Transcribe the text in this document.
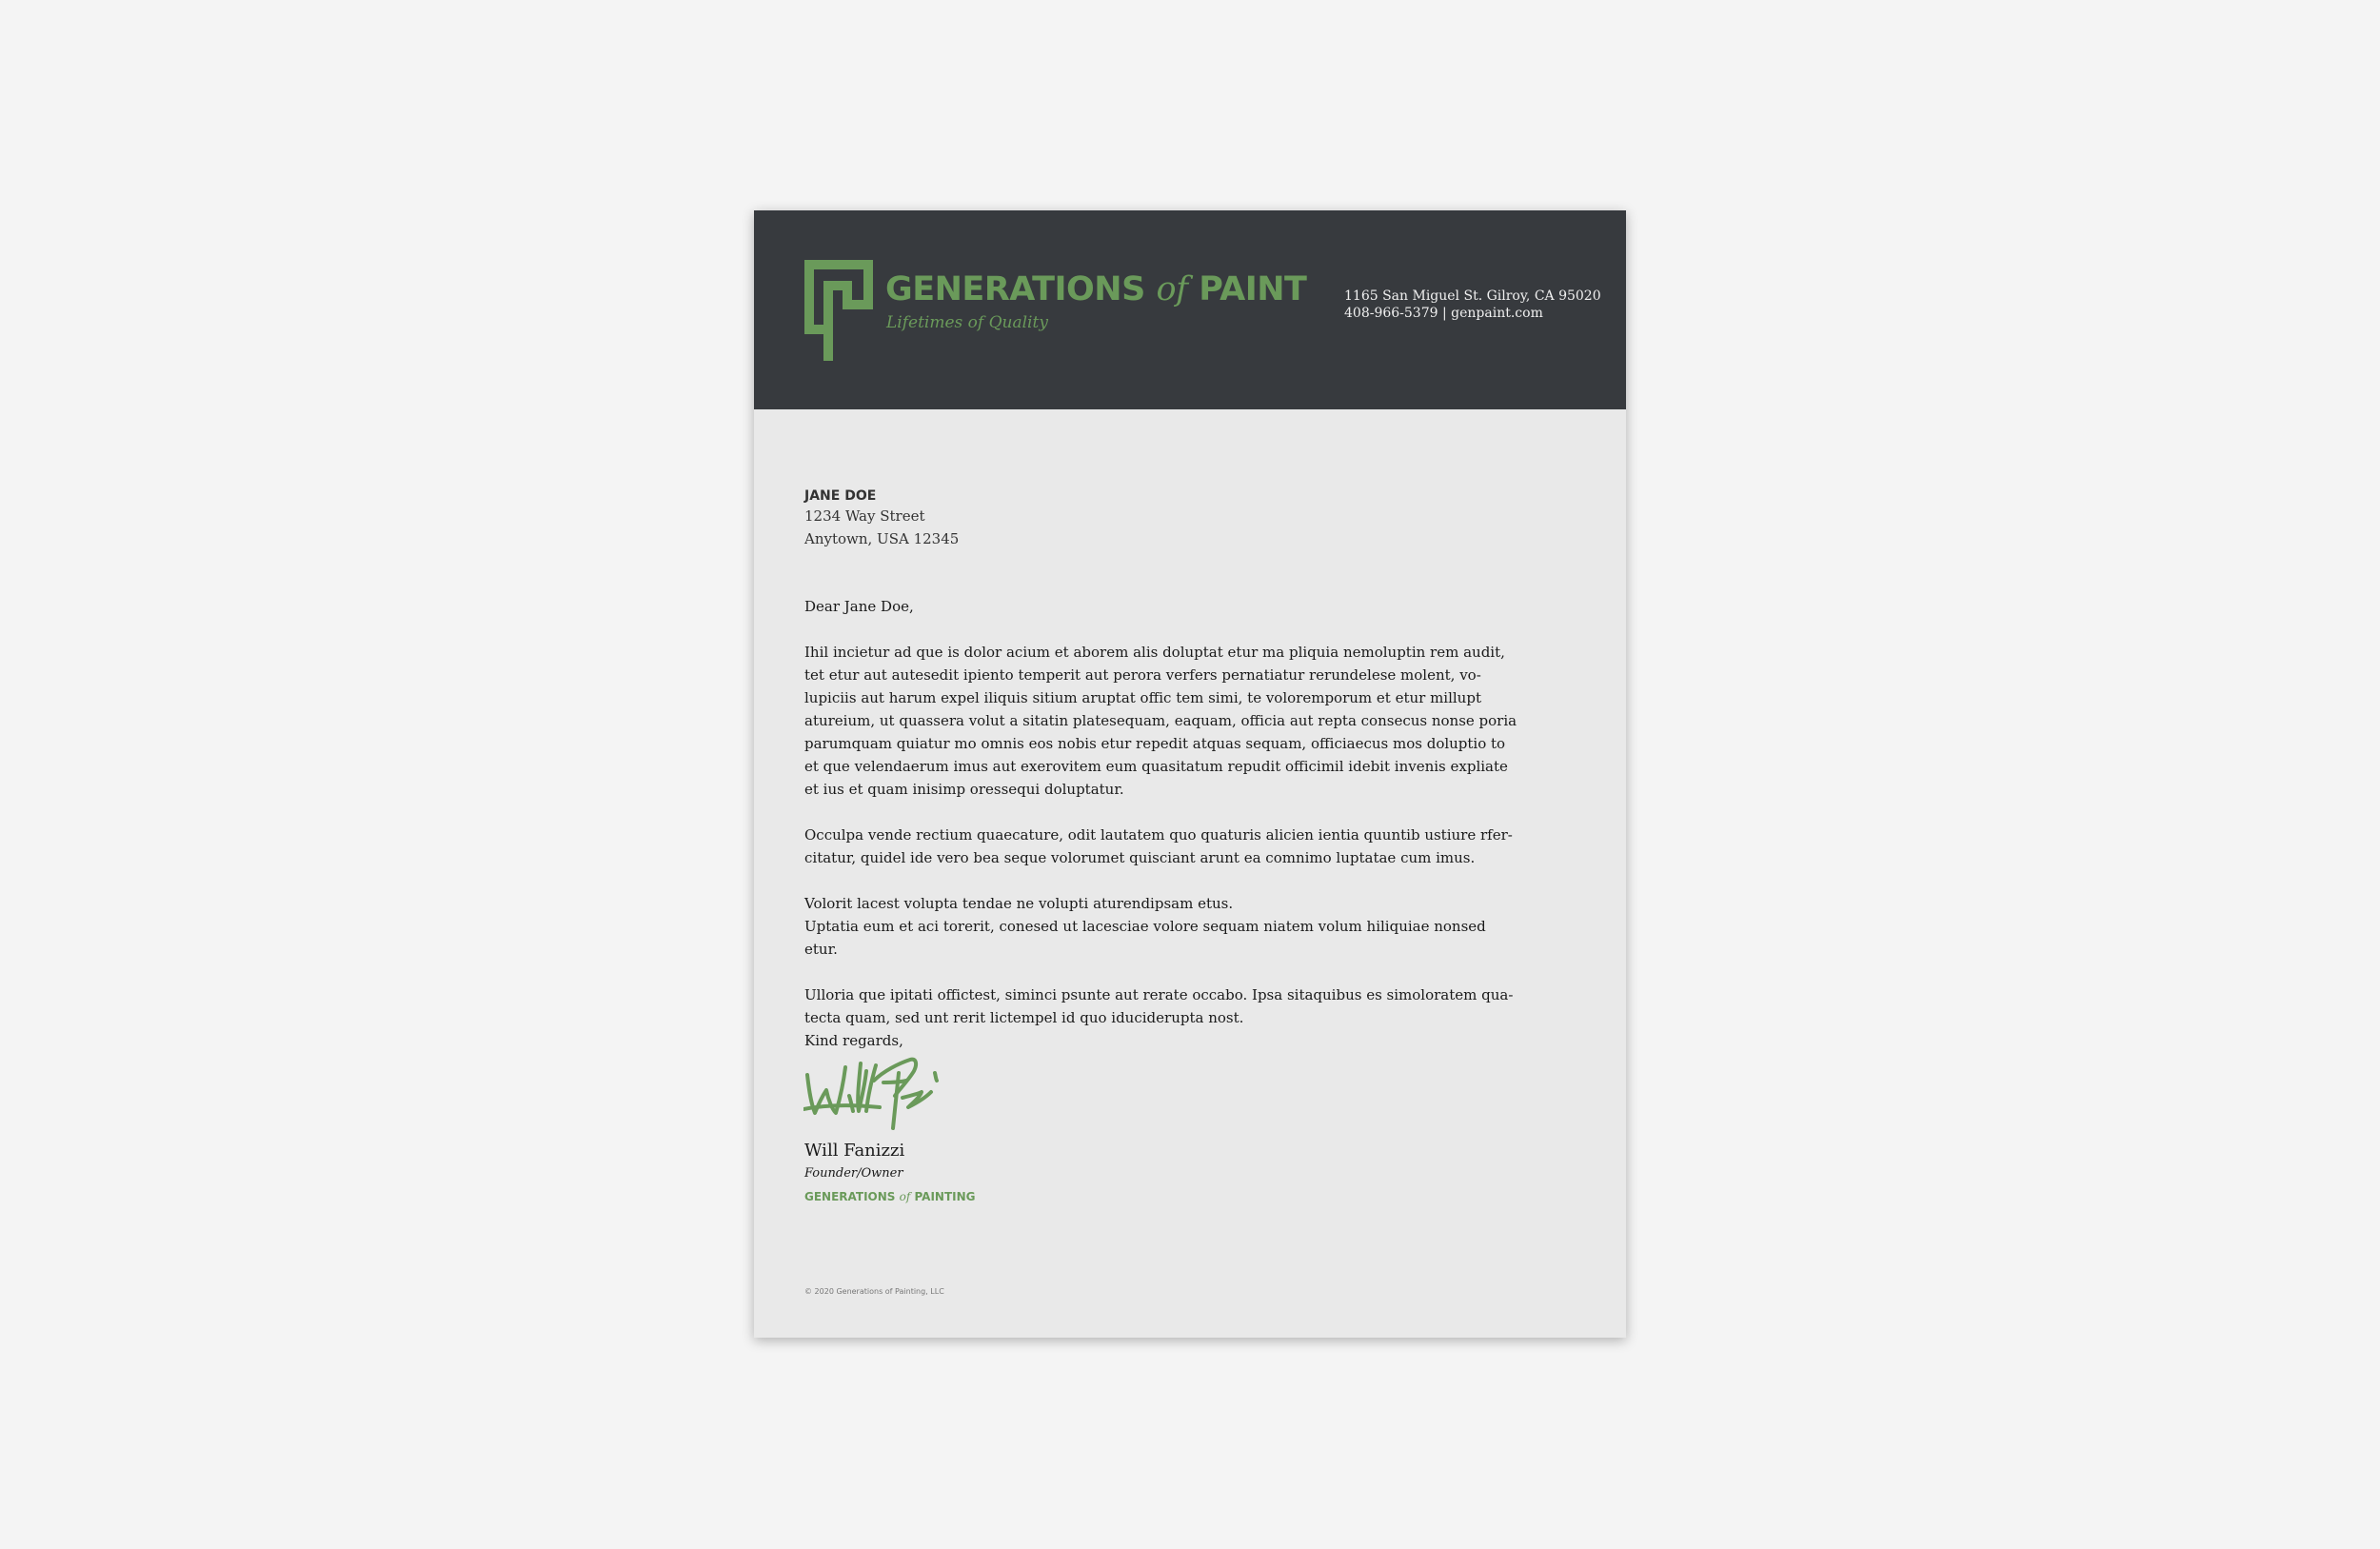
GENERATIONS of PAINT
Lifetimes of Quality
1165 San Miguel St. Gilroy, CA 95020
408-966-5379 | genpaint.com
JANE DOE
1234 Way Street
Anytown, USA 12345

Dear Jane Doe,

Ihil incietur ad que is dolor acium et aborem alis doluptat etur ma pliquia nemoluptin rem audit,
tet etur aut autesedit ipiento temperit aut perora verfers pernatiatur rerundelese molent, vo-
lupiciis aut harum expel iliquis sitium aruptat offic tem simi, te voloremporum et etur millupt
atureium, ut quassera volut a sitatin platesequam, eaquam, officia aut repta consecus nonse poria
parumquam quiatur mo omnis eos nobis etur repedit atquas sequam, officiaecus mos doluptio to
et que velendaerum imus aut exerovitem eum quasitatum repudit officimil idebit invenis expliate
et ius et quam inisimp oressequi doluptatur.

Occulpa vende rectium quaecature, odit lautatem quo quaturis alicien ientia quuntib ustiure rfer-
citatur, quidel ide vero bea seque volorumet quisciant arunt ea comnimo luptatae cum imus.

Volorit lacest volupta tendae ne volupti aturendipsam etus.
Uptatia eum et aci torerit, conesed ut lacesciae volore sequam niatem volum hiliquiae nonsed etur.

Ulloria que ipitati offictest, siminci psunte aut rerate occabo. Ipsa sitaquibus es simoloratem qua-
tecta quam, sed unt rerit lictempel id quo iduciderupta nost.

Kind regards,
Will Fanizzi
Founder/Owner
GENERATIONS of PAINTING
© 2020 Generations of Painting, LLC
